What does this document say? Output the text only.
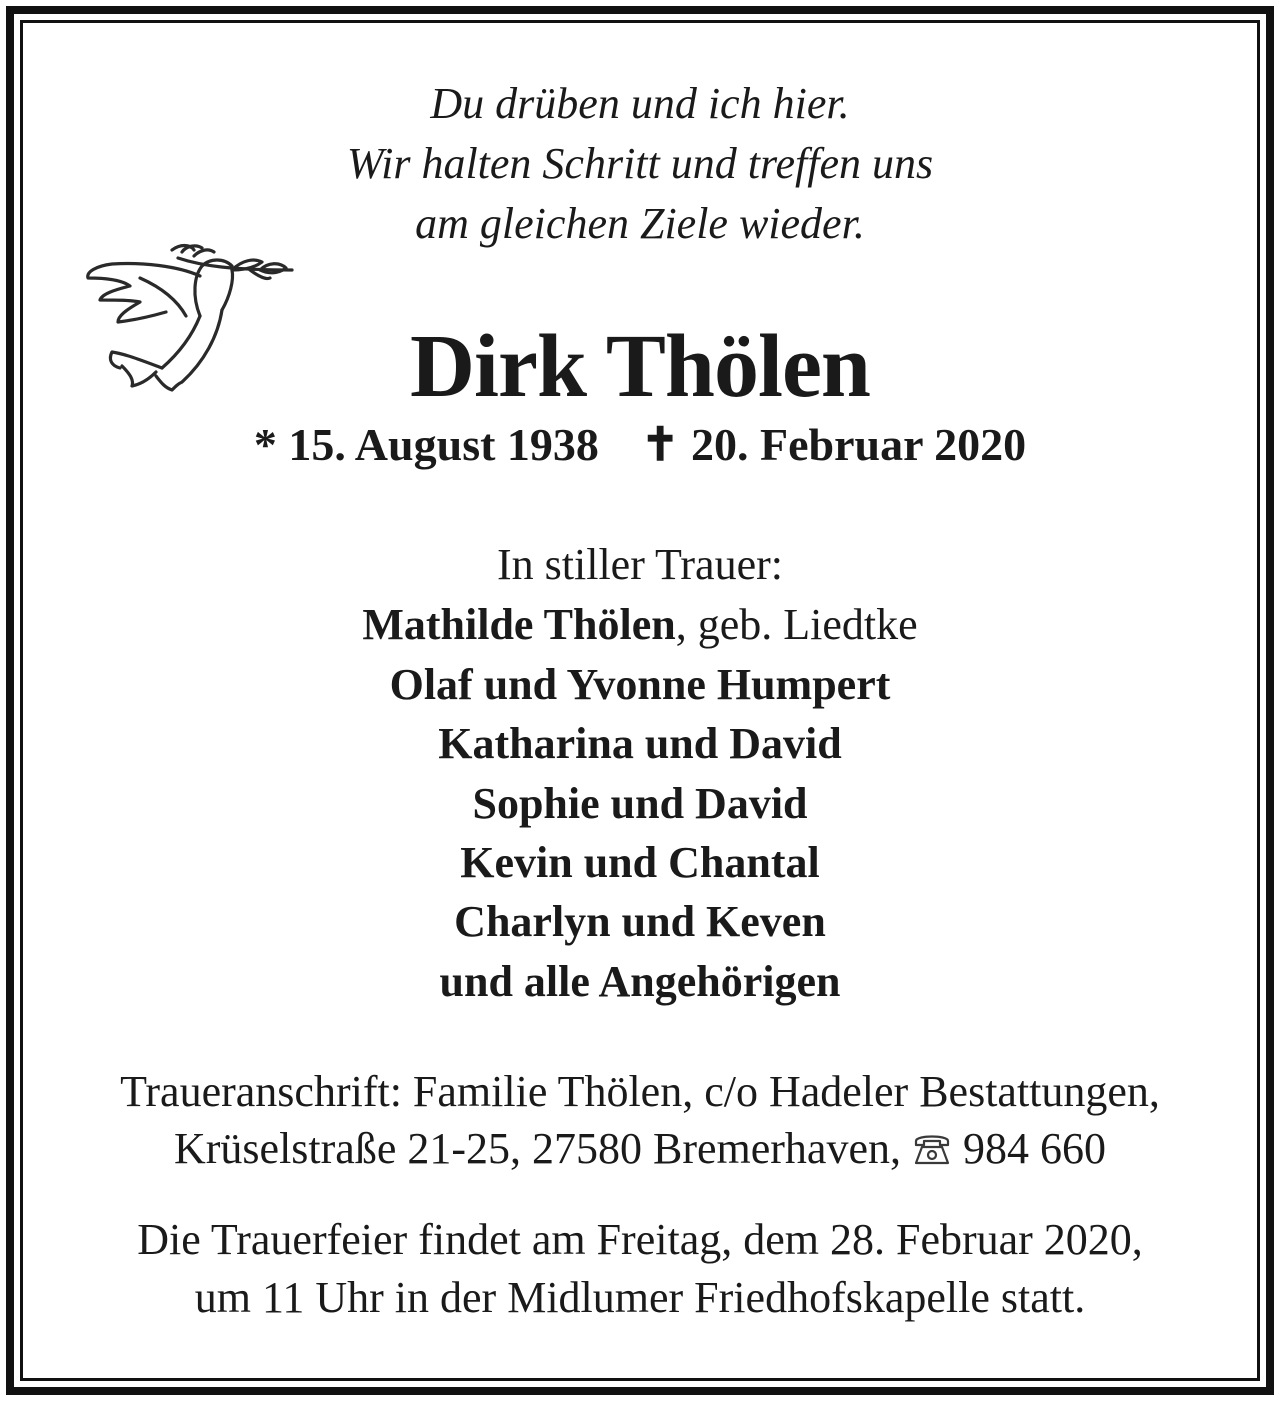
Du drüben und ich hier.
Wir halten Schritt und treffen uns
am gleichen Ziele wieder.
Dirk Thölen
* 15. August 1938 ✝ 20. Februar 2020
In stiller Trauer:
Mathilde Thölen, geb. Liedtke
Olaf und Yvonne Humpert
Katharina und David
Sophie und David
Kevin und Chantal
Charlyn und Keven
und alle Angehörigen
Traueranschrift: Familie Thölen, c/o Hadeler Bestattungen,
Krüselstraße 21-25, 27580 Bremerhaven, 984 660
Die Trauerfeier findet am Freitag, dem 28. Februar 2020,
um 11 Uhr in der Midlumer Friedhofskapelle statt.
